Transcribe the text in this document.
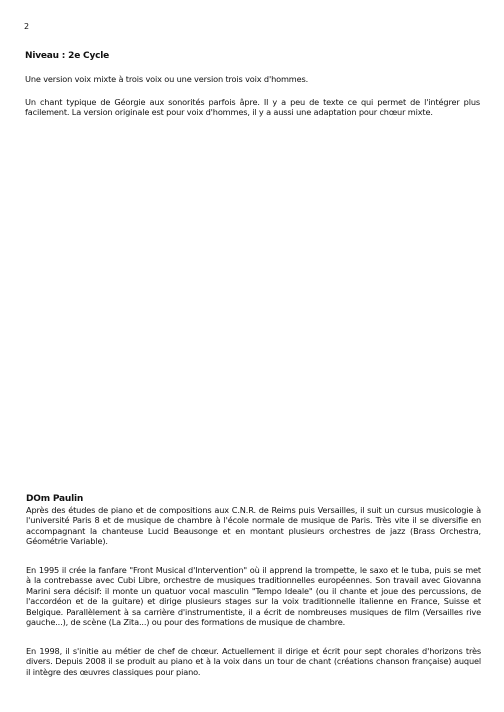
2
Niveau : 2e Cycle
Une version voix mixte à trois voix ou une version trois voix d'hommes.
Un chant typique de Géorgie aux sonorités parfois âpre. Il y a peu de texte ce qui permet de l'intégrer plus facilement. La version originale est pour voix d'hommes, il y a aussi une adaptation pour chœur mixte.
DOm Paulin
Après des études de piano et de compositions aux C.N.R. de Reims puis Versailles, il suit un cursus musicologie à l'université Paris 8 et de musique de chambre à l'école normale de musique de Paris. Très vite il se diversifie en accompagnant la chanteuse Lucid Beausonge et en montant plusieurs orchestres de jazz (Brass Orchestra, Géométrie Variable).
En 1995 il crée la fanfare "Front Musical d'Intervention" où il apprend la trompette, le saxo et le tuba, puis se met à la contrebasse avec Cubi Libre, orchestre de musiques traditionnelles européennes. Son travail avec Giovanna Marini sera décisif: il monte un quatuor vocal masculin "Tempo Ideale" (ou il chante et joue des percussions, de l'accordéon et de la guitare) et dirige plusieurs stages sur la voix traditionnelle italienne en France, Suisse et Belgique. Parallèlement à sa carrière d'instrumentiste, il a écrit de nombreuses musiques de film (Versailles rive gauche...), de scène (La Zita...) ou pour des formations de musique de chambre.
En 1998, il s'initie au métier de chef de chœur. Actuellement il dirige et écrit pour sept chorales d'horizons très divers. Depuis 2008 il se produit au piano et à la voix dans un tour de chant (créations chanson française) auquel il intègre des œuvres classiques pour piano.
